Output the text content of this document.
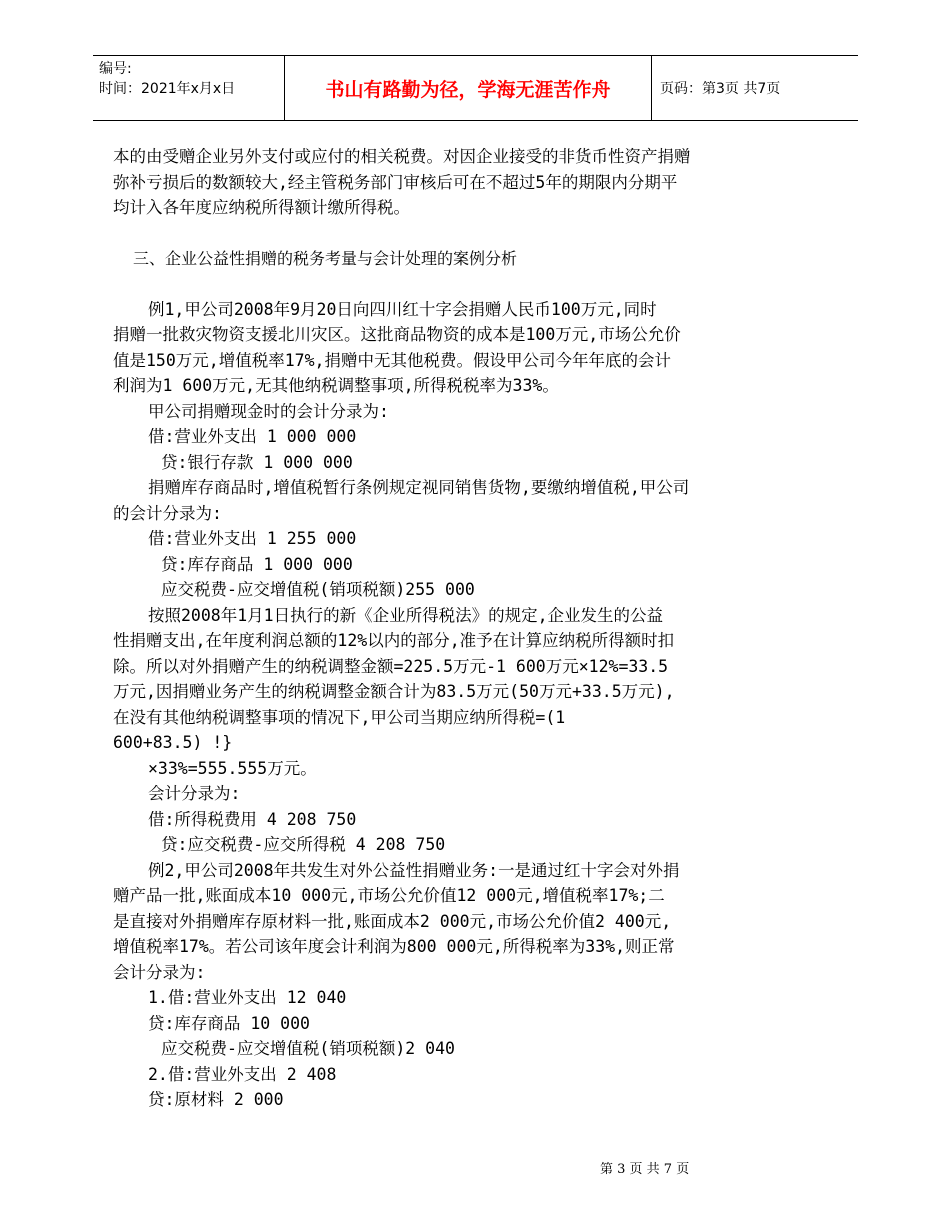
编号:
时间：2021年x月x日	书山有路勤为径，学海无涯苦作舟	页码：第3页 共7页
本的由受赠企业另外支付或应付的相关税费。对因企业接受的非货币性资产捐赠
弥补亏损后的数额较大,经主管税务部门审核后可在不超过5年的期限内分期平
均计入各年度应纳税所得额计缴所得税。
三、企业公益性捐赠的税务考量与会计处理的案例分析
例1,甲公司2008年9月20日向四川红十字会捐赠人民币100万元,同时
捐赠一批救灾物资支援北川灾区。这批商品物资的成本是100万元,市场公允价
值是150万元,增值税率17%,捐赠中无其他税费。假设甲公司今年年底的会计
利润为1 600万元,无其他纳税调整事项,所得税税率为33%。
甲公司捐赠现金时的会计分录为:
借:营业外支出 1 000 000
贷:银行存款 1 000 000
捐赠库存商品时,增值税暂行条例规定视同销售货物,要缴纳增值税,甲公司
的会计分录为:
借:营业外支出 1 255 000
贷:库存商品 1 000 000
应交税费-应交增值税(销项税额)255 000
按照2008年1月1日执行的新《企业所得税法》的规定,企业发生的公益
性捐赠支出,在年度利润总额的12%以内的部分,准予在计算应纳税所得额时扣
除。所以对外捐赠产生的纳税调整金额=225.5万元-1 600万元×12%=33.5
万元,因捐赠业务产生的纳税调整金额合计为83.5万元(50万元+33.5万元),
在没有其他纳税调整事项的情况下,甲公司当期应纳所得税=(1
600+83.5) !}
×33%=555.555万元。
会计分录为:
借:所得税费用 4 208 750
贷:应交税费-应交所得税 4 208 750
例2,甲公司2008年共发生对外公益性捐赠业务:一是通过红十字会对外捐
赠产品一批,账面成本10 000元,市场公允价值12 000元,增值税率17%;二
是直接对外捐赠库存原材料一批,账面成本2 000元,市场公允价值2 400元,
增值税率17%。若公司该年度会计利润为800 000元,所得税率为33%,则正常
会计分录为:
1.借:营业外支出 12 040
贷:库存商品 10 000
应交税费-应交增值税(销项税额)2 040
2.借:营业外支出 2 408
贷:原材料 2 000
第 3 页 共 7 页
